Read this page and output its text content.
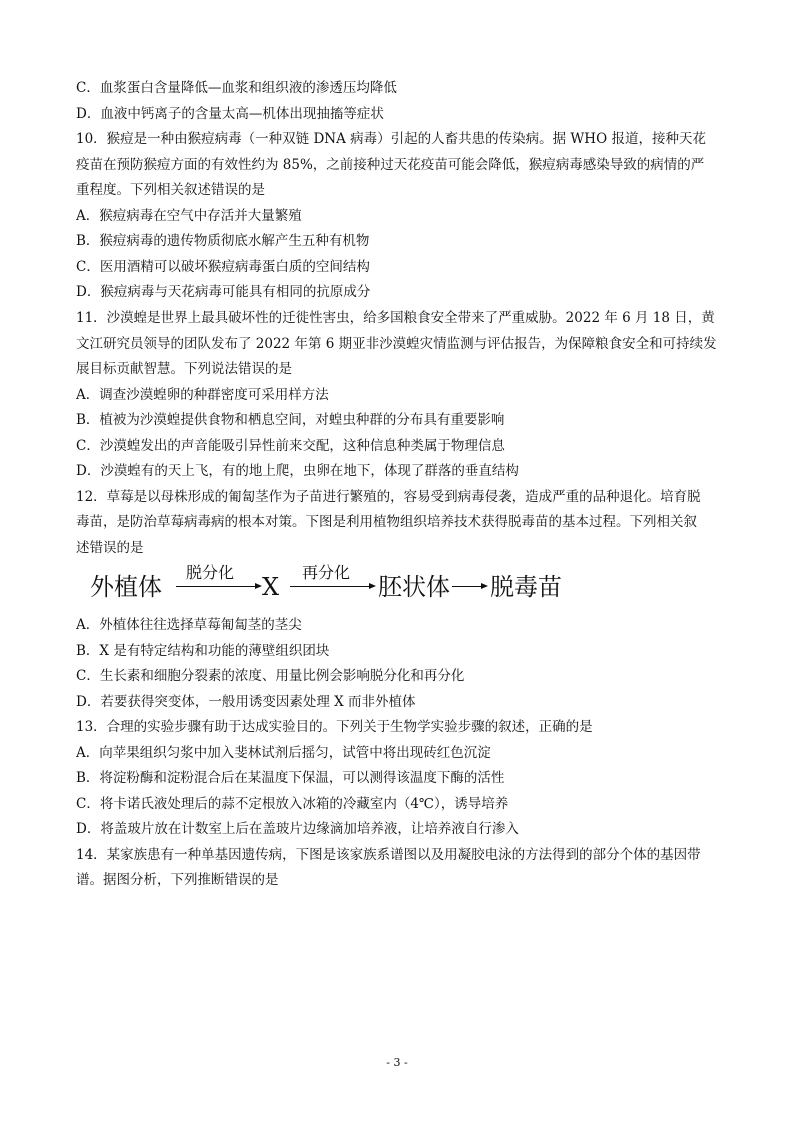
C．血浆蛋白含量降低—血浆和组织液的渗透压均降低
D．血液中钙离子的含量太高—机体出现抽搐等症状
10．猴痘是一种由猴痘病毒（一种双链 DNA 病毒）引起的人畜共患的传染病。据 WHO 报道，接种天花
疫苗在预防猴痘方面的有效性约为 85%，之前接种过天花疫苗可能会降低，猴痘病毒感染导致的病情的严
重程度。下列相关叙述错误的是
A．猴痘病毒在空气中存活并大量繁殖
B．猴痘病毒的遗传物质彻底水解产生五种有机物
C．医用酒精可以破坏猴痘病毒蛋白质的空间结构
D．猴痘病毒与天花病毒可能具有相同的抗原成分
11．沙漠蝗是世界上最具破坏性的迁徙性害虫，给多国粮食安全带来了严重威胁。2022 年 6 月 18 日，黄
文江研究员领导的团队发布了 2022 年第 6 期亚非沙漠蝗灾情监测与评估报告，为保障粮食安全和可持续发
展目标贡献智慧。下列说法错误的是
A．调查沙漠蝗卵的种群密度可采用样方法
B．植被为沙漠蝗提供食物和栖息空间，对蝗虫种群的分布具有重要影响
C．沙漠蝗发出的声音能吸引异性前来交配，这种信息种类属于物理信息
D．沙漠蝗有的天上飞，有的地上爬，虫卵在地下，体现了群落的垂直结构
12．草莓是以母株形成的匍匐茎作为子苗进行繁殖的，容易受到病毒侵袭，造成严重的品种退化。培育脱
毒苗，是防治草莓病毒病的根本对策。下图是利用植物组织培养技术获得脱毒苗的基本过程。下列相关叙
述错误的是
外植体
脱分化
X
再分化
胚状体 脱毒苗
A．外植体往往选择草莓匍匐茎的茎尖
B．X 是有特定结构和功能的薄壁组织团块
C．生长素和细胞分裂素的浓度、用量比例会影响脱分化和再分化
D．若要获得突变体，一般用诱变因素处理 X 而非外植体
13．合理的实验步骤有助于达成实验目的。下列关于生物学实验步骤的叙述，正确的是
A．向苹果组织匀浆中加入斐林试剂后摇匀，试管中将出现砖红色沉淀
B．将淀粉酶和淀粉混合后在某温度下保温，可以测得该温度下酶的活性
C．将卡诺氏液处理后的蒜不定根放入冰箱的冷藏室内（4℃），诱导培养
D．将盖玻片放在计数室上后在盖玻片边缘滴加培养液，让培养液自行渗入
14．某家族患有一种单基因遗传病，下图是该家族系谱图以及用凝胶电泳的方法得到的部分个体的基因带
谱。据图分析，下列推断错误的是
- 3 -
